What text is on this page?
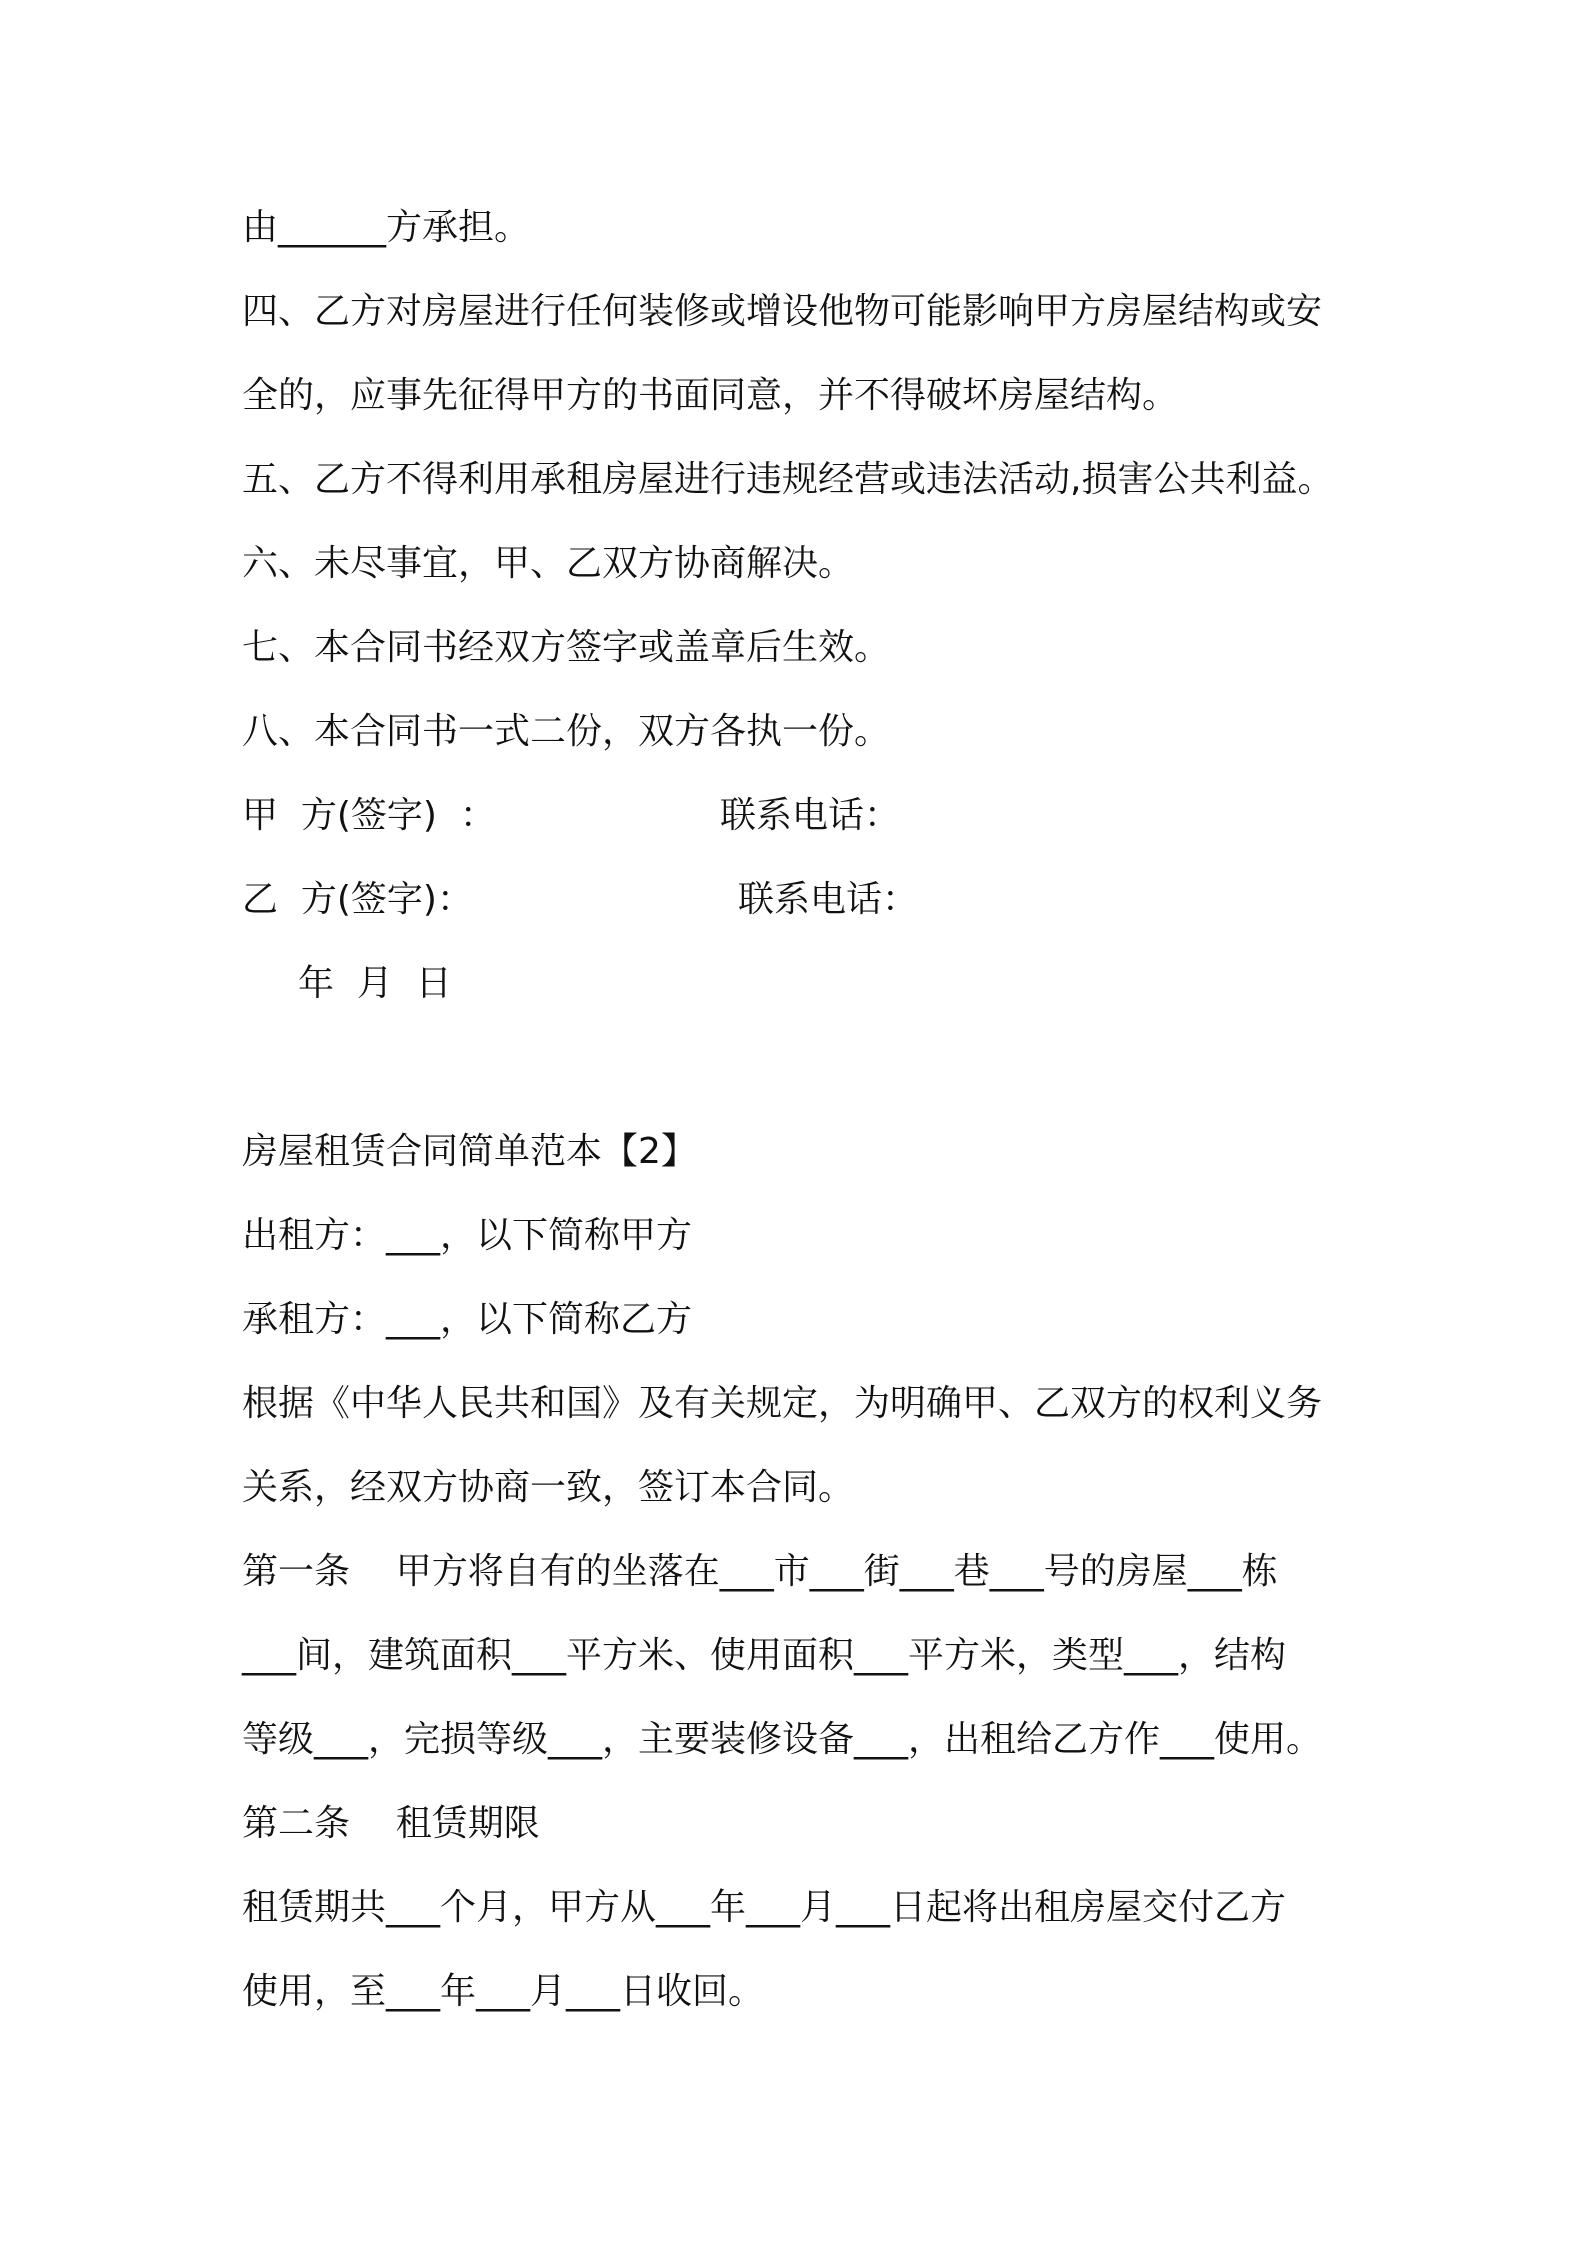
由______方承担。
四、乙方对房屋进行任何装修或增设他物可能影响甲方房屋结构或安
全的，应事先征得甲方的书面同意，并不得破坏房屋结构。
五、乙方不得利用承租房屋进行违规经营或违法活动,损害公共利益。
六、未尽事宜，甲、乙双方协商解决。
七、本合同书经双方签字或盖章后生效。
八、本合同书一式二份，双方各执一份。
甲  方(签字)  ：	联系电话：
乙  方(签字)：	联系电话：
年  月  日
房屋租赁合同简单范本【2】
出租方：___，以下简称甲方
承租方：___，以下简称乙方
根据《中华人民共和国》及有关规定，为明确甲、乙双方的权利义务
关系，经双方协商一致，签订本合同。
第一条    甲方将自有的坐落在___市___街___巷___号的房屋___栋
___间，建筑面积___平方米、使用面积___平方米，类型___，结构
等级___，完损等级___，主要装修设备___，出租给乙方作___使用。
第二条    租赁期限
租赁期共___个月，甲方从___年___月___日起将出租房屋交付乙方
使用，至___年___月___日收回。
